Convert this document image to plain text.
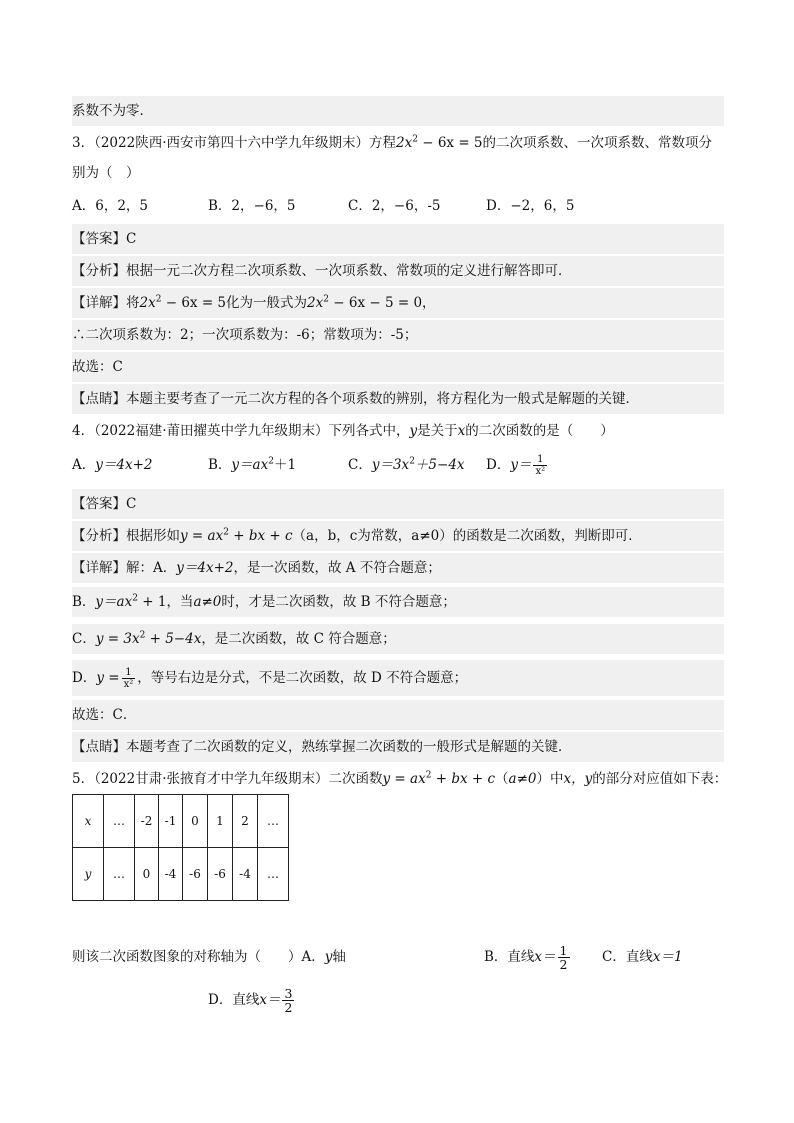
系数不为零．
3．（2022陕西·西安市第四十六中学九年级期末）方程$2x^2 - 6x = 5$的二次项系数、一次项系数、常数项分
别为（　）
A．6，2，5	B．2，−6，5	C．2，−6，-5	D．−2，6，5
【答案】C
【分析】根据一元二次方程二次项系数、一次项系数、常数项的定义进行解答即可．
【详解】将$2x^2 - 6x = 5$化为一般式为$2x^2 - 6x - 5 = 0$，
∴二次项系数为：2；一次项系数为：-6；常数项为：-5；
故选：C
【点睛】本题主要考查了一元二次方程的各个项系数的辨别，将方程化为一般式是解题的关键．
4．（2022福建·莆田擢英中学九年级期末）下列各式中，y是关于x的二次函数的是（　　）
A．y＝4x+2	B．$y=ax^2+1$	C．$y=3x^2+5-4x$ D．$y= \frac{1}{\text{x²}}$
【答案】C
【分析】根据形如$y = ax^2$ + bx + c（a，b，c为常数，a≠0）的函数是二次函数，判断即可．
【详解】解：A．y＝4x+2，是一次函数，故 A 不符合题意；
B．$y=ax^2 + 1$，当a≠0时，才是二次函数，故 B 不符合题意；
C．$y = 3x^2 + 5-4x$，是二次函数，故 C 符合题意；
D．$y = \frac{1}{\text{x²}}$ ，等号右边是分式，不是二次函数，故 D 不符合题意；
故选：C．
【点睛】本题考查了二次函数的定义，熟练掌握二次函数的一般形式是解题的关键．
5．（2022甘肃·张掖育才中学九年级期末）二次函数$y = ax^2$ + bx + c（a≠0）中x，y的部分对应值如下表：
x	…	-2	-1	0	1	2	…
y	…	0	-4	-6	-6	-4	…
则该二次函数图象的对称轴为（　　）A．y轴	B．直线$x= \frac{1}{2}$ C．直线x＝1
D．直线$x= \frac{3}{2}$
